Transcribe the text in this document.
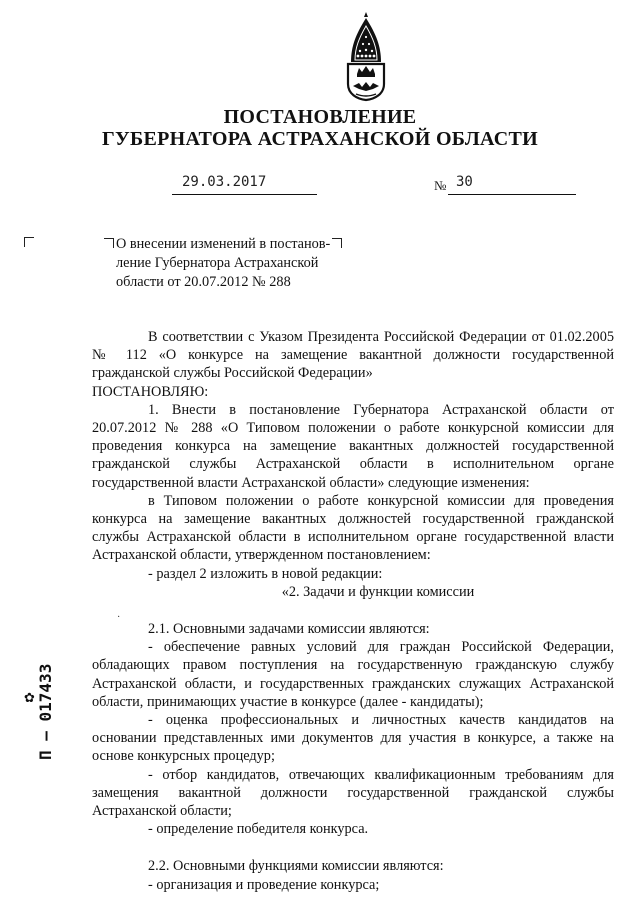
ПОСТАНОВЛЕНИЕ
ГУБЕРНАТОРА АСТРАХАНСКОЙ ОБЛАСТИ
29.03.2017	№ 30
О внесении изменений в постанов-
ление Губернатора Астраханской
области от 20.07.2012 № 288

В соответствии с Указом Президента Российской Федерации от 01.02.2005 № 112 «О конкурсе на замещение вакантной должности государственной гражданской службы Российской Федерации»

ПОСТАНОВЛЯЮ:

1. Внести в постановление Губернатора Астраханской области от 20.07.2012 № 288 «О Типовом положении о работе конкурсной комиссии для проведения конкурса на замещение вакантных должностей государственной гражданской службы Астраханской области в исполнительном органе государственной власти Астраханской области» следующие изменения:

в Типовом положении о работе конкурсной комиссии для проведения конкурса на замещение вакантных должностей государственной гражданской службы Астраханской области в исполнительном органе государственной власти Астраханской области, утвержденном постановлением:

- раздел 2 изложить в новой редакции:

«2. Задачи и функции комиссии

2.1. Основными задачами комиссии являются:

- обеспечение равных условий для граждан Российской Федерации, обладающих правом поступления на государственную гражданскую службу Астраханской области, и государственных гражданских служащих Астраханской области, принимающих участие в конкурсе (далее - кандидаты);

- оценка профессиональных и личностных качеств кандидатов на основании представленных ими документов для участия в конкурсе, а также на основе конкурсных процедур;

- отбор кандидатов, отвечающих квалификационным требованиям для замещения вакантной должности государственной гражданской службы Астраханской области;

- определение победителя конкурса.

2.2. Основными функциями комиссии являются:

- организация и проведение конкурса;

·
✿ П – 017433
